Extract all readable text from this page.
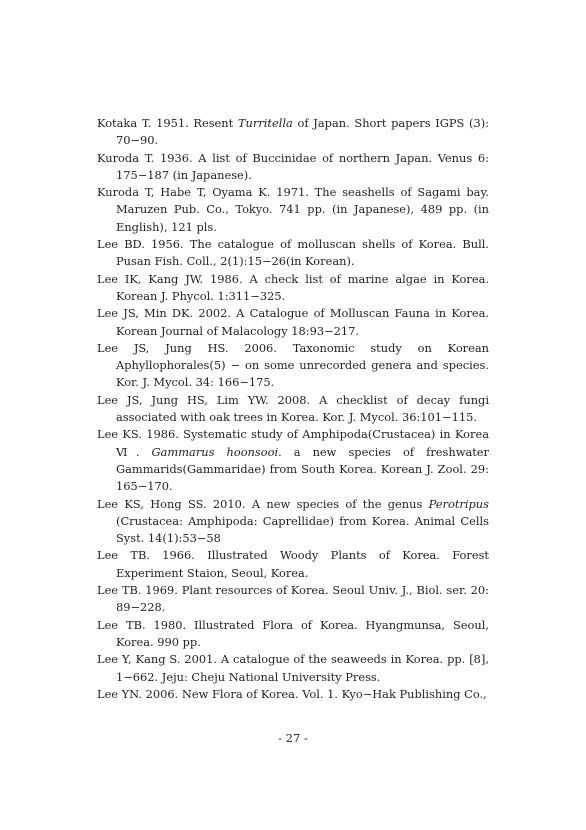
Kotaka T. 1951. Resent Turritella of Japan. Short papers IGPS (3): 70−90.

Kuroda T. 1936. A list of Buccinidae of northern Japan. Venus 6: 175−187 (in Japanese).

Kuroda T, Habe T, Oyama K. 1971. The seashells of Sagami bay. Maruzen Pub. Co., Tokyo. 741 pp. (in Japanese), 489 pp. (in English), 121 pls.

Lee BD. 1956. The catalogue of molluscan shells of Korea. Bull. Pusan Fish. Coll., 2(1):15−26(in Korean).

Lee IK, Kang JW. 1986. A check list of marine algae in Korea. Korean J. Phycol. 1:311−325.

Lee JS, Min DK. 2002. A Catalogue of Molluscan Fauna in Korea. Korean Journal of Malacology 18:93−217.

Lee JS, Jung HS. 2006. Taxonomic study on Korean Aphyllophorales(5) − on some unrecorded genera and species. Kor. J. Mycol. 34: 166−175.

Lee JS, Jung HS, Lim YW. 2008. A checklist of decay fungi associated with oak trees in Korea. Kor. J. Mycol. 36:101−115.

Lee KS. 1986. Systematic study of Amphipoda(Crustacea) in Korea Ⅵ. Gammarus hoonsooi. a new species of freshwater Gammarids(Gammaridae) from South Korea. Korean J. Zool. 29: 165−170.

Lee KS, Hong SS. 2010. A new species of the genus Perotripus (Crustacea: Amphipoda: Caprellidae) from Korea. Animal Cells Syst. 14(1):53−58

Lee TB. 1966. Illustrated Woody Plants of Korea. Forest Experiment Staion, Seoul, Korea.

Lee TB. 1969. Plant resources of Korea. Seoul Univ. J., Biol. ser. 20: 89−228.

Lee TB. 1980. Illustrated Flora of Korea. Hyangmunsa, Seoul, Korea. 990 pp.

Lee Y, Kang S. 2001. A catalogue of the seaweeds in Korea. pp. [8], 1−662. Jeju: Cheju National University Press.

Lee YN. 2006. New Flora of Korea. Vol. 1. Kyo−Hak Publishing Co.,

- 27 -
